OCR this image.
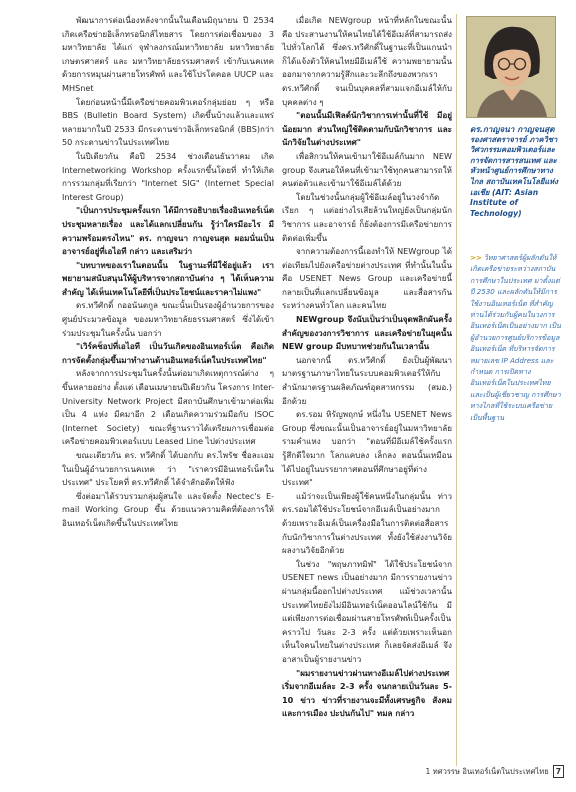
พัฒนาการต่อเนื่องหลังจากนั้นในเดือนมิถุนายน ปี 2534 เกิดเครือข่ายอิเล็กทรอนิกส์ไทยสาร โดยการต่อเชื่อมของ 3 มหาวิทยาลัย ได้แก่ จุฬาลงกรณ์มหาวิทยาลัย มหาวิทยาลัยเกษตรศาสตร์ และ มหาวิทยาลัยธรรมศาสตร์ เข้ากับเนคเทค ด้วยการหมุนผ่านสายโทรศัพท์ และใช้โปรโตคอล UUCP และ MHSnet

โดยก่อนหน้านี้มีเครือข่ายคอมพิวเตอร์กลุ่มย่อย ๆ หรือ BBS (Bulletin Board System) เกิดขึ้นบ้างแล้วและแพร่หลายมากในปี 2533 มีกระดานข่าวอิเล็กทรอนิกส์ (BBS)กว่า 50 กระดานข่าวในประเทศไทย

ในปีเดียวกัน คือปี 2534 ช่วงเดือนธันวาคม เกิด Internetworking Workshop ครั้งแรกขึ้นโดยที่ ทำให้เกิดการรวมกลุ่มที่เรียกว่า "Internet SIG" (Internet Special Interest Group)

"เป็นการประชุมครั้งแรก ได้มีการอธิบายเรื่องอินเทอร์เน็ต ประชุมหลายเรื่อง และได้แลกเปลี่ยนกัน รู้ว่าใครมีอะไร มีความพร้อมตรงไหน" ดร. กาญจนา กาญจนสุต ผอมนั่นเป็นอาจารย์อยู่ที่เอไอที กล่าว และเสริมว่า

"บทบาทของเราในตอนนั้น ในฐานะที่มีใช้อยู่แล้ว เราพยายามสนับสนุนให้ผู้บริหารจากสถาบันต่าง ๆ ได้เห็นความสำคัญ ได้เห็นเทคโนโลยีที่เป็นประโยชน์และราคาไม่แพง"

ดร.ทวีศักดิ์ กออนันตกูล ขณะนั้นเป็นรองผู้อำนวยการของศูนย์ประมวลข้อมูล ของมหาวิทยาลัยธรรมศาสตร์ ซึ่งได้เข้าร่วมประชุมในครั้งนั้น บอกว่า

"เวิร์คช็อปที่เอไอที เป็นวันเกิดของอินเทอร์เน็ต คือเกิดการจัดตั้งกลุ่มขึ้นมาทำงานด้านอินเทอร์เน็ตในประเทศไทย"

หลังจากการประชุมในครั้งนั้นต่อมาเกิดเหตุการณ์ต่าง ๆ ขึ้นหลายอย่าง ตั้งแต่ เดือนเมษายนปีเดียวกัน โครงการ Inter-University Network Project มีสถาบันศึกษาเข้ามาต่อเพิ่มเป็น 4 แห่ง มีคมาอีก 2 เดือนเกิดความร่วมมือกับ ISOC (Internet Society) ขณะที่ฐานราวได้เตรียมการเชื่อมต่อเครือข่ายคอมพิวเตอร์แบบ Leased Line ไปต่างประเทศ

ขณะเดียวกัน ดร. ทวีศักดิ์ ได้บอกกับ ดร.ไพรัช ชื่อละเอมในเป็นผู้อำนวยการเนคเทค ว่า "เราควรมีอินเทอร์เน็ตในประเทศ" ประโยคที่ ดร.ทวีศักดิ์ ได้จำสักอดีตให้ฟัง

ซึ่งต่อมาได้รวบรวมกลุ่มผู้สนใจ และจัดตั้ง Nectec's E-mail Working Group ขึ้น ด้วยแนวความคิดที่ต้องการให้อินเทอร์เน็ตเกิดขึ้นในประเทศไทย

เมื่อเกิด NEWgroup หน้าที่หลักในขณะนั้นคือ ประสานงานให้คนไทยได้ใช้อีเมล์ที่สามารถส่งไปทั่วโลกได้ ซึ่งดร.ทวีศักดิ์ในฐานะที่เป็นแกนนำก็ได้แจ้งตัวให้คนไทยมีอีเมล์ใช้ ความพยายามนั้นออกมาจากความรู้สึกและวะลึกถึงของพวกเรา ดร.ทวีศักดิ์ จนเป็นบุคคลที่สามแจกอีเมล์ให้กับบุคคลต่าง ๆ

"ตอนนั้นมีเฟิลด์นักวิชาการเท่านั้นที่ใช้ มีอยู่น้อยมาก ส่วนใหญ่ใช้ติดตามกับนักวิชาการ และนักวิจัยในต่างประเทศ"

เพื่อสิกวนให้คนเข้ามาใช้อีเมล์กันมาก NEW group จึงเสนอให้คนที่เข้ามาใช้ทุกคนสามารถให้คนต่อตัวและเข้ามาใช้อีเมล์ได้ด้วย

โดยในช่วงนั้นกลุ่มผู้ใช้อีเมล์อยู่ในวงจำกัดเรียก ๆ แต่อย่างไรเสียล้วนใหญ่ยังเป็นกลุ่มนักวิชาการ และอาจารย์ ก็ยังต้องการมีเครือข่ายการติดต่อเพิ่มขึ้น

จากความต้องการนี้เองทำให้ NEWgroup ได้ต่อเทียมไปยังเครือข่ายต่างประเทศ ที่ทำนั้นในนั้นคือ USENET News Group และเครือข่ายนี้กลายเป็นที่แลกเปลี่ยนข้อมูล และสื่อสารกัน ระหว่างคนทั่วโลก และคนไทย

NEWgroup จึงนับเป็นว่าเป็นจุดพลิกผันครั้งสำคัญของวงการวิชาการ และเครือข่ายในยุคนั้น NEW group มีบทบาทช่วยกันในเวลานั้น

นอกจากนี้ ดร.ทวีศักดิ์ ยังเป็นผู้พัฒนามาตรฐานภาษาไทยในระบบคอมพิวเตอร์ให้กับสำนักมาตรฐานผลิตภัณฑ์อุตสาหกรรม (สมอ.) อีกด้วย

ดร.รอม หิรัญพฤกษ์ หนึ่งใน USENET News Group ซึ่งขณะนั้นเป็นอาจารย์อยู่ในมหาวิทยาลัยรามคำแหง บอกว่า "ตอนที่มีอีเมล์ใช้ครั้งแรก รู้สึกดีใจมาก โลกแคบลง เล็กลง ตอนนั้นเหมือนได้ไปอยู่ในบรรยากาศตอนที่ศึกษาอยู่ที่ต่างประเทศ"

แม้ว่าจะเป็นเพียงผู้ใช้คนหนึ่งในกลุ่มนั้น ท่าว ดร.รอมได้ใช้ประโยชน์จากอีเมล์เป็นอย่างมาก ด้วยเพราะอีเมล์เป็นเครื่องมือในการติดต่อสื่อสารกับนักวิชาการในต่างประเทศ ทั้งยังใช้ส่งงานวิจัยผลงานวิจัยอีกด้วย

ในช่วง "พฤษภาทมิฬ" ได้ใช้ประโยชน์จาก USENET news เป็นอย่างมาก มีการรายงานข่าวผ่านกลุ่มนี้ออกไปต่างประเทศ แม้ช่วงเวลานั้นประเทศไทยยังไม่มีอินเทอร์เน็ตออนไลน์ใช้กัน มีแต่เพียงการต่อเชื่อมผ่านสายโทรศัพท์เป็นครั้งเป็นคราวไป วันละ 2-3 ครั้ง แต่ด้วยเพราะเห็นอกเห็นใจคนไทยในต่างประเทศ ก็เลยจัดส่งอีเมล์ จึงอาสาเป็นผู้รายงานข่าว

"ผมรายงานข่าวผ่านทางอีเมล์ไปต่างประเทศเริ่มจากอีเมล์ละ 2-3 ครั้ง จนกลายเป็นวันละ 5-10 ข่าว ข่าวที่รายงานจะมีทั้งเศรษฐกิจ สังคม และการเมือง ปะปนกันไป" ทมล กล่าว

ดร.กาญจนา กาญจนสุต
รองศาสตราจารย์ ภาควิชาวิศวกรรมคอมพิวเตอร์และ การจัดการสารสนเทศ และหัวหน้าศูนย์การศึกษาทางไกล สถาบันเทคโนโลยีแห่งเอเชีย (AIT: Asian Institute of Technology)
>> วิทยาศาสตร์ผู้ผลักดันให้เกิดเครือข่ายระหว่างสถาบันการศึกษาในประเทศ มาตั้งแต่ปี 2530 และผลักดันให้มีการใช้งานอินเทอร์เน็ต ที่สำคัญท่านได้ร่วมกับผู้คนในวงการอินเทอร์เน็ตเป็นอย่างมาก เป็นผู้อำนวยการศูนย์บริการข้อมูลอินเทอร์เน็ต ที่บริหารจัดการหมายเลข IP Address และกำหนด การเปิดทางอินเทอร์เน็ตในประเทศไทย และเป็นผู้เชี่ยวชาญ การศึกษาทางไกลที่ใช้ระบบเครือข่ายเป็นพื้นฐาน
1 ทศวรรษ อินเทอร์เน็ตในประเทศไทย 7
